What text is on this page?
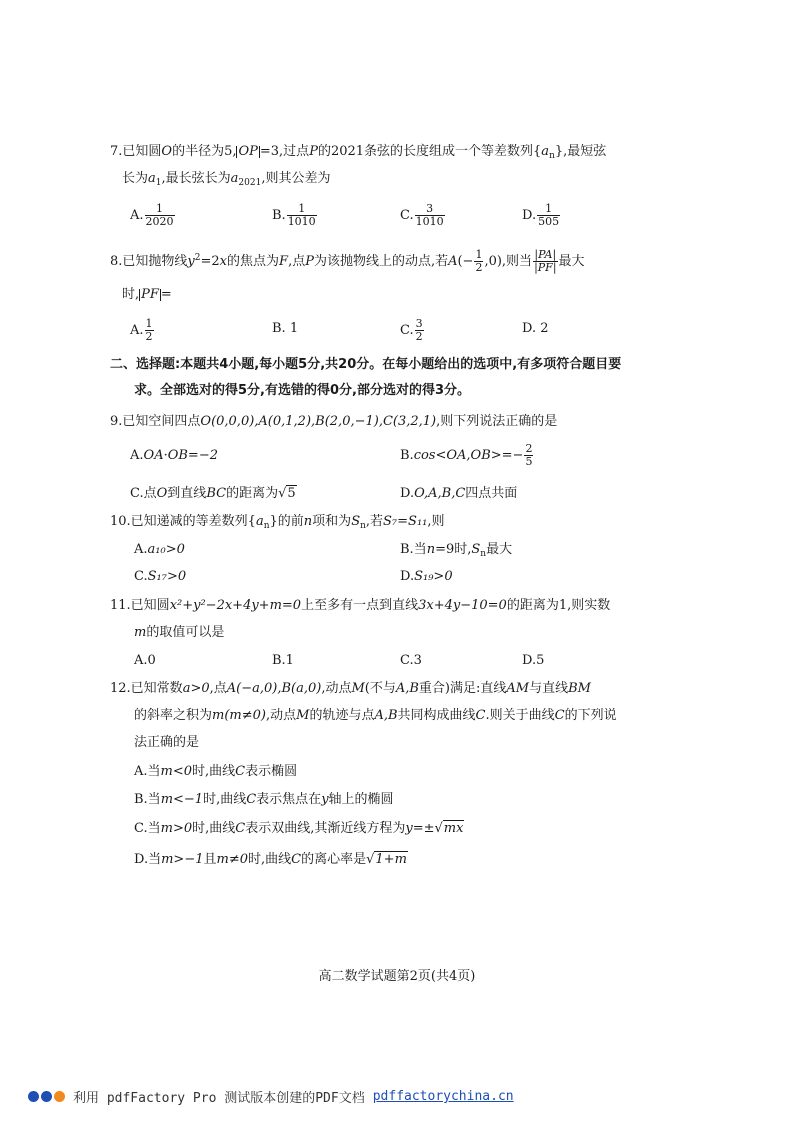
7.已知圆O的半径为5, OP =3,过点P的2021条弦的长度组成一个等差数列$\{a_n\}$,最短弦
长为$a_1$,最长弦长为$a_{2021}$,则其公差为
A. $\frac{1}{2020}$	B. $\frac{1}{1010}$	C. $\frac{3}{1010}$	D. $\frac{1}{505}$
8.已知抛物线$y^2=2x$的焦点为F,点P为该抛物线上的动点,若$A(- \frac{1}{2} ,0)$,则当 $\frac{|PA|}{|PF|}$ 最大
时, PF =
A. $\frac{1}{2}$	B. 1	C. $\frac{3}{2}$	D. 2
二、选择题:本题共4小题,每小题5分,共20分。在每小题给出的选项中,有多项符合题目要
求。全部选对的得5分,有选错的得0分,部分选对的得3分。
9.已知空间四点O(0,0,0),A(0,1,2),B(2,0,−1),C(3,2,1),则下列说法正确的是
A.OA·OB=−2	$B.\cos<OA,OB>=- \frac{2}{5}$
C.点O到直线BC的距离为√5	D.O,A,B,C四点共面
10.已知递减的等差数列$\{a_n\}$的前n项和为$S_n$,若S₇=S₁₁,则
A.a₁₀>0	B.当n=9时$,S_n$最大
C.S₁₇>0	D.S₁₉>0
11.已知圆x²+y²−2x+4y+m=0上至多有一点到直线3x+4y−10=0的距离为1,则实数
m的取值可以是
A.0	B.1	C.3	D.5
12.已知常数a>0,点A(−a,0),B(a,0),动点M(不与A,B重合)满足:直线AM与直线BM
的斜率之积为m(m≠0),动点M的轨迹与点A,B共同构成曲线C.则关于曲线C的下列说
法正确的是
A.当m<0时,曲线C表示椭圆
B.当m<−1时,曲线C表示焦点在y轴上的椭圆
C.当m>0时,曲线C表示双曲线,其渐近线方程为y=±√mx
D.当m>−1且m≠0时,曲线C的离心率是√1+m
高二数学试题第2页(共4页)
利用 pdfFactory Pro 测试版本创建的PDF文档 pdffactorychina.cn
